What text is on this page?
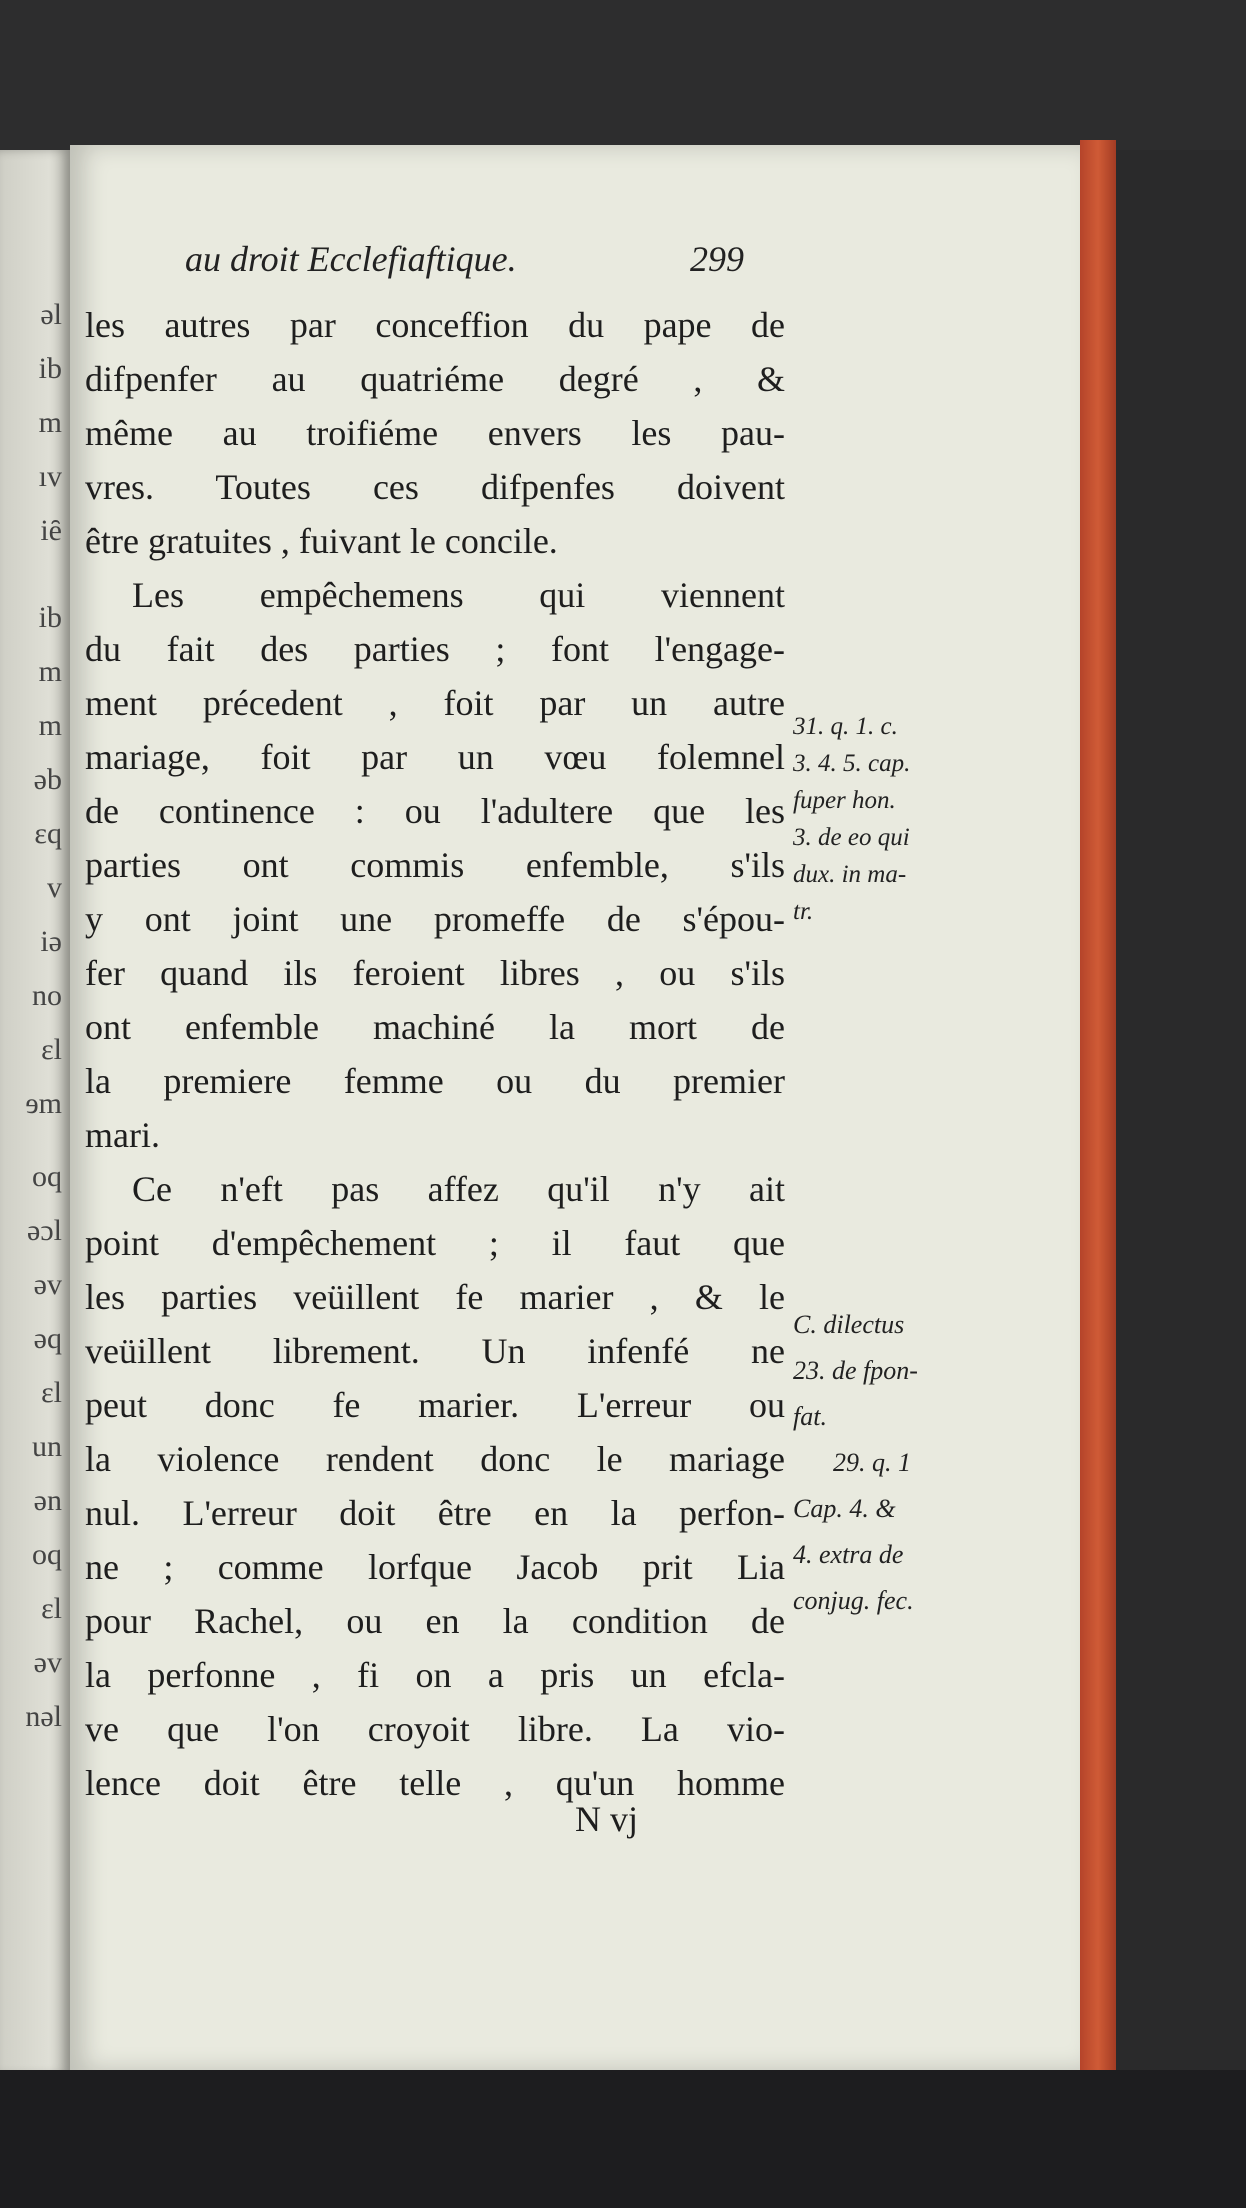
əl
ib
m
ıv
iȇ
ib
m
m
əb
εq
v
iǝ
no
εl
ɘm
oq
əɔl
əv
ǝq
εl
un
ən
oq
εl
əv
nəl
au droit Ecclefiaftique.	299
les autres par conceffion du pape de
difpenfer au quatriéme degré , &
même au troifiéme envers les pau-
vres. Toutes ces difpenfes doivent
être gratuites , fuivant le concile.
Les empêchemens qui viennent
du fait des parties ; font l'engage-
ment précedent , foit par un autre
mariage, foit par un vœu folemnel
de continence : ou l'adultere que les
parties ont commis enfemble, s'ils
y ont joint une promeffe de s'épou-
fer quand ils feroient libres , ou s'ils
ont enfemble machiné la mort de
la premiere femme ou du premier
mari.
Ce n'eft pas affez qu'il n'y ait
point d'empêchement ; il faut que
les parties veüillent fe marier , & le
veüillent librement. Un infenfé ne
peut donc fe marier. L'erreur ou
la violence rendent donc le mariage
nul. L'erreur doit être en la perfon-
ne ; comme lorfque Jacob prit Lia
pour Rachel, ou en la condition de
la perfonne , fi on a pris un efcla-
ve que l'on croyoit libre. La vio-
lence doit être telle , qu'un homme
31. q. 1. c.
3. 4. 5. cap.
fuper hon.
3. de eo qui
dux. in ma-
tr.
C. dilectus
23. de fpon-
fat.
29. q. 1
Cap. 4. &
4. extra de
conjug. fec.
N vj
